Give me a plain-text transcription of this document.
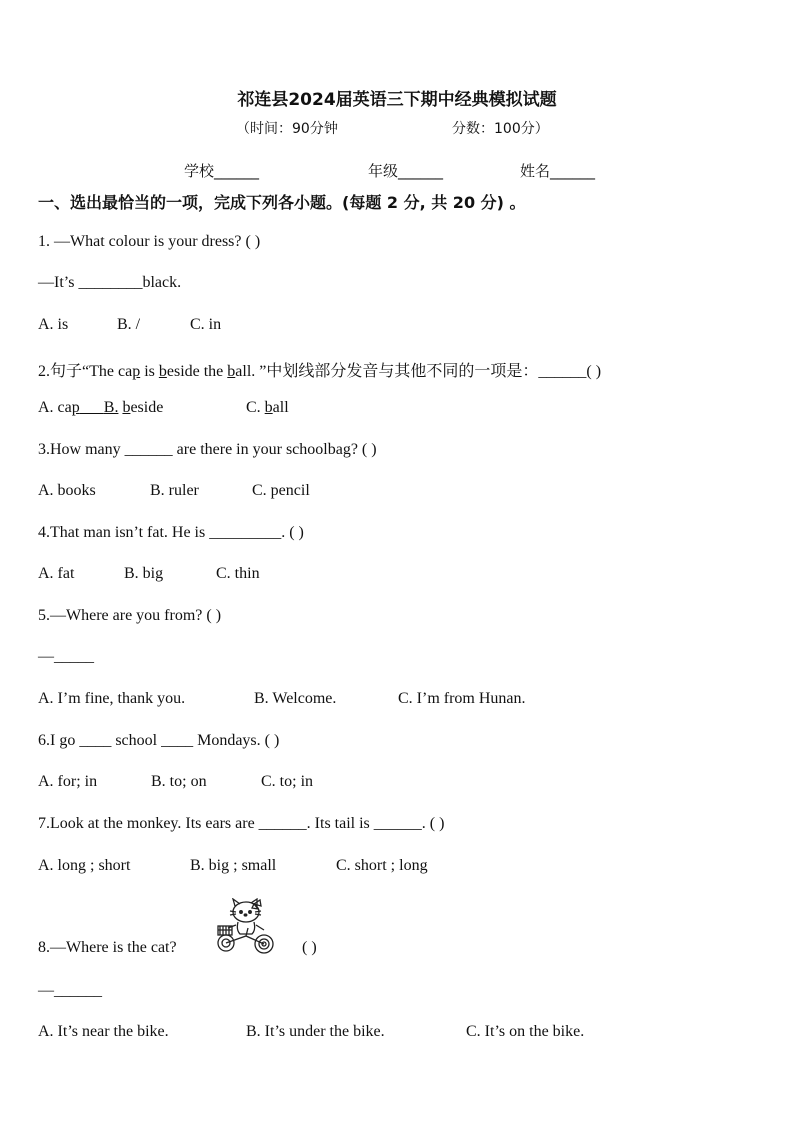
祁连县2024届英语三下期中经典模拟试题
（时间：90分钟	分数：100分）
学校______	年级______	姓名______
一、选出最恰当的一项，完成下列各小题。(每题 2 分, 共 20 分) 。
1. —What colour is your dress? ( )
—It’s ________black.
A. is	B. /	C. in
2.句子“The cap is beside the ball. ”中划线部分发音与其他不同的一项是：______( )
A. cap B. beside	C. ball
3.How many ______ are there in your schoolbag? ( )
A. books	B. ruler	C. pencil
4.That man isn’t fat. He is _________. ( )
A. fat	B. big	C. thin
5.—Where are you from? ( )
—_____
A. I’m fine, thank you.	B. Welcome.	C. I’m from Hunan.
6.I go ____ school ____ Mondays. ( )
A. for; in	B. to; on	C. to; in
7.Look at the monkey. Its ears are ______. Its tail is ______. ( )
A. long ; short	B. big ; small	C. short ; long
8.—Where is the cat?	( )
—______
A. It’s near the bike.	B. It’s under the bike.	C. It’s on the bike.
